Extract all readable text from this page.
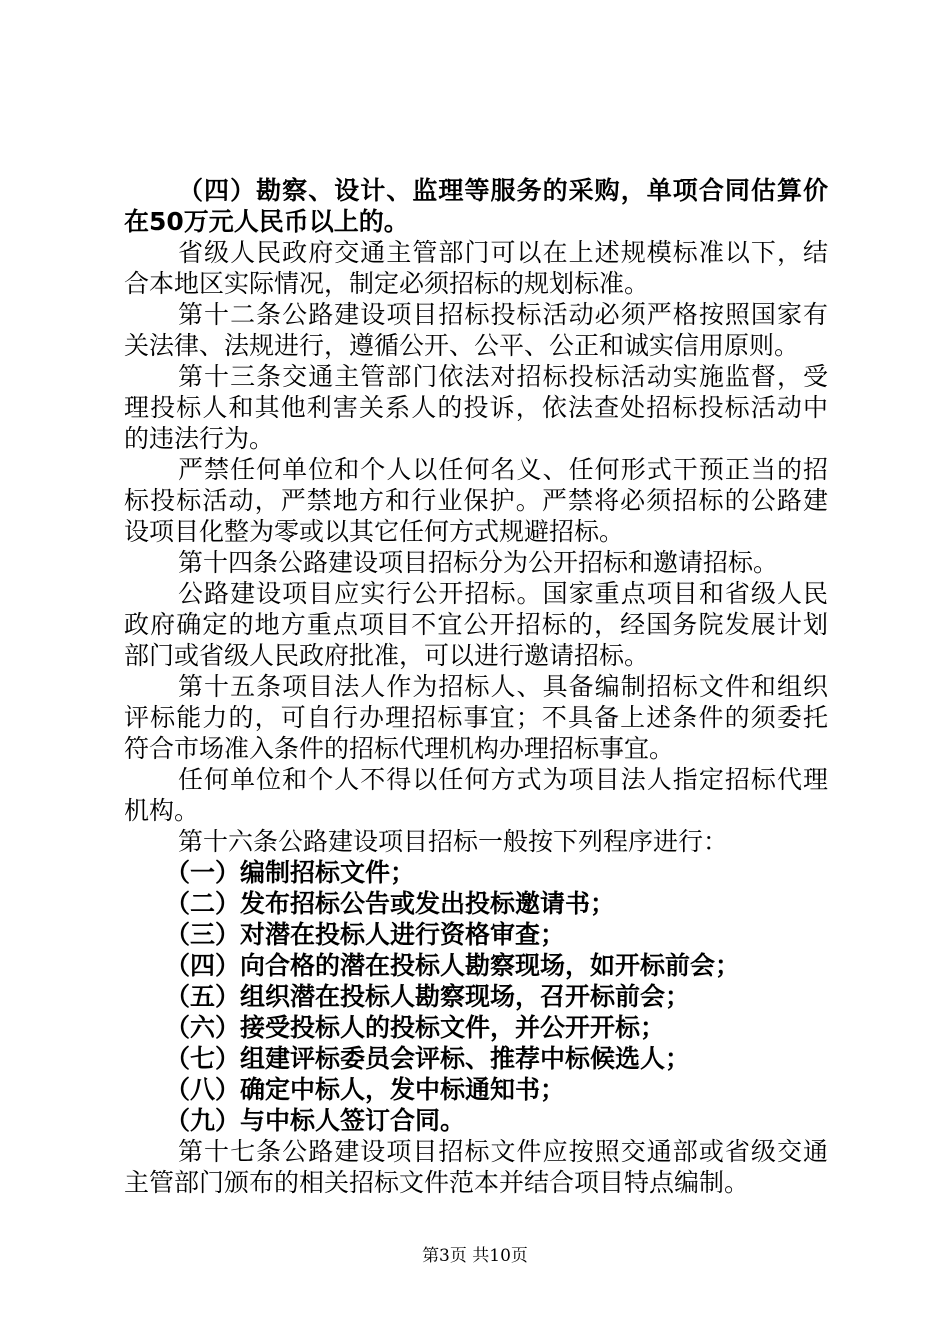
（四）勘察、设计、监理等服务的采购，单项合同估算价
在50万元人民币以上的。
省级人民政府交通主管部门可以在上述规模标准以下，结
合本地区实际情况，制定必须招标的规划标准。
第十二条公路建设项目招标投标活动必须严格按照国家有
关法律、法规进行，遵循公开、公平、公正和诚实信用原则。
第十三条交通主管部门依法对招标投标活动实施监督，受
理投标人和其他利害关系人的投诉，依法查处招标投标活动中
的违法行为。
严禁任何单位和个人以任何名义、任何形式干预正当的招
标投标活动，严禁地方和行业保护。严禁将必须招标的公路建
设项目化整为零或以其它任何方式规避招标。
第十四条公路建设项目招标分为公开招标和邀请招标。
公路建设项目应实行公开招标。国家重点项目和省级人民
政府确定的地方重点项目不宜公开招标的，经国务院发展计划
部门或省级人民政府批准，可以进行邀请招标。
第十五条项目法人作为招标人、具备编制招标文件和组织
评标能力的，可自行办理招标事宜；不具备上述条件的须委托
符合市场准入条件的招标代理机构办理招标事宜。
任何单位和个人不得以任何方式为项目法人指定招标代理
机构。
第十六条公路建设项目招标一般按下列程序进行：
（一）编制招标文件；
（二）发布招标公告或发出投标邀请书；
（三）对潜在投标人进行资格审查；
（四）向合格的潜在投标人勘察现场，如开标前会；
（五）组织潜在投标人勘察现场，召开标前会；
（六）接受投标人的投标文件，并公开开标；
（七）组建评标委员会评标、推荐中标候选人；
（八）确定中标人，发中标通知书；
（九）与中标人签订合同。
第十七条公路建设项目招标文件应按照交通部或省级交通
主管部门颁布的相关招标文件范本并结合项目特点编制。
第3页 共10页
